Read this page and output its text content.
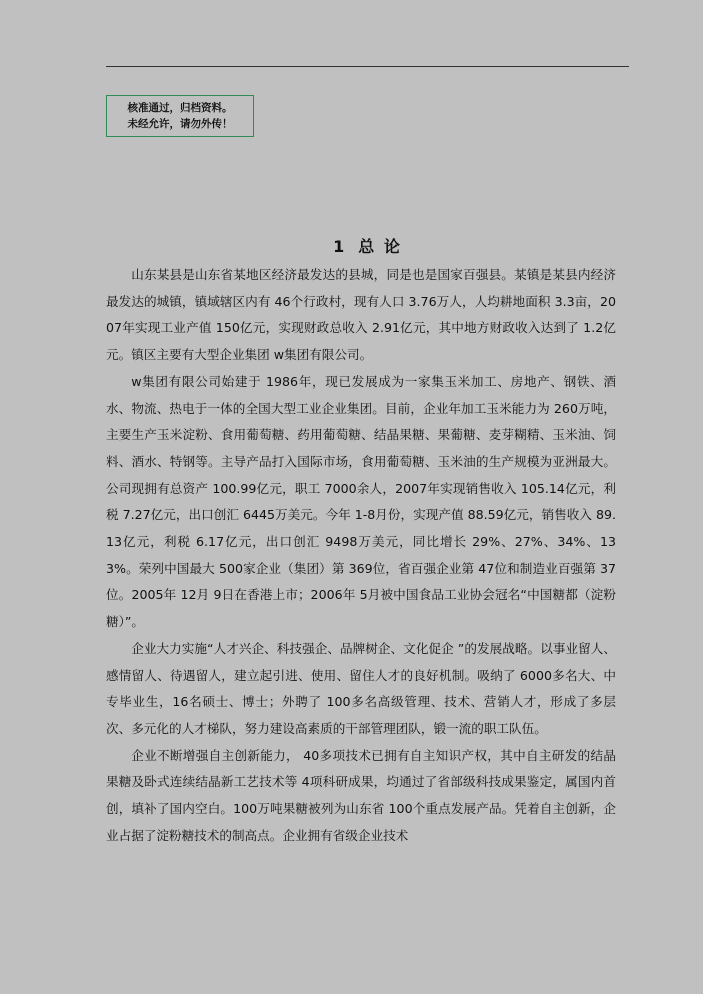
核准通过，归档资料。
未经允许，请勿外传！
1 总 论

山东某县是山东省某地区经济最发达的县城，同是也是国家百强县。某镇是某县内经济最发达的城镇，镇域辖区内有 46个行政村，现有人口 3.76万人，人均耕地面积 3.3亩，2007年实现工业产值 150亿元，实现财政总收入 2.91亿元，其中地方财政收入达到了 1.2亿元。镇区主要有大型企业集团 w集团有限公司。

w集团有限公司始建于 1986年，现已发展成为一家集玉米加工、房地产、钢铁、酒水、物流、热电于一体的全国大型工业企业集团。目前，企业年加工玉米能力为 260万吨，主要生产玉米淀粉、食用葡萄糖、药用葡萄糖、结晶果糖、果葡糖、麦芽糊精、玉米油、饲料、酒水、特钢等。主导产品打入国际市场，食用葡萄糖、玉米油的生产规模为亚洲最大。公司现拥有总资产 100.99亿元，职工 7000余人，2007年实现销售收入 105.14亿元，利税 7.27亿元，出口创汇 6445万美元。今年 1-8月份，实现产值 88.59亿元，销售收入 89.13亿元，利税 6.17亿元，出口创汇 9498万美元，同比增长 29%、27%、34%、133%。荣列中国最大 500家企业（集团）第 369位，省百强企业第 47位和制造业百强第 37位。2005年 12月 9日在香港上市；2006年 5月被中国食品工业协会冠名“中国糖都（淀粉糖）”。

企业大力实施“人才兴企、科技强企、品牌树企、文化促企 ”的发展战略。以事业留人、感情留人、待遇留人，建立起引进、使用、留住人才的良好机制。吸纳了 6000多名大、中专毕业生，16名硕士、博士；外聘了 100多名高级管理、技术、营销人才，形成了多层次、多元化的人才梯队，努力建设高素质的干部管理团队，锻一流的职工队伍。

企业不断增强自主创新能力， 40多项技术已拥有自主知识产权，其中自主研发的结晶果糖及卧式连续结晶新工艺技术等 4项科研成果，均通过了省部级科技成果鉴定，属国内首创，填补了国内空白。100万吨果糖被列为山东省 100个重点发展产品。凭着自主创新，企业占据了淀粉糖技术的制高点。企业拥有省级企业技术
